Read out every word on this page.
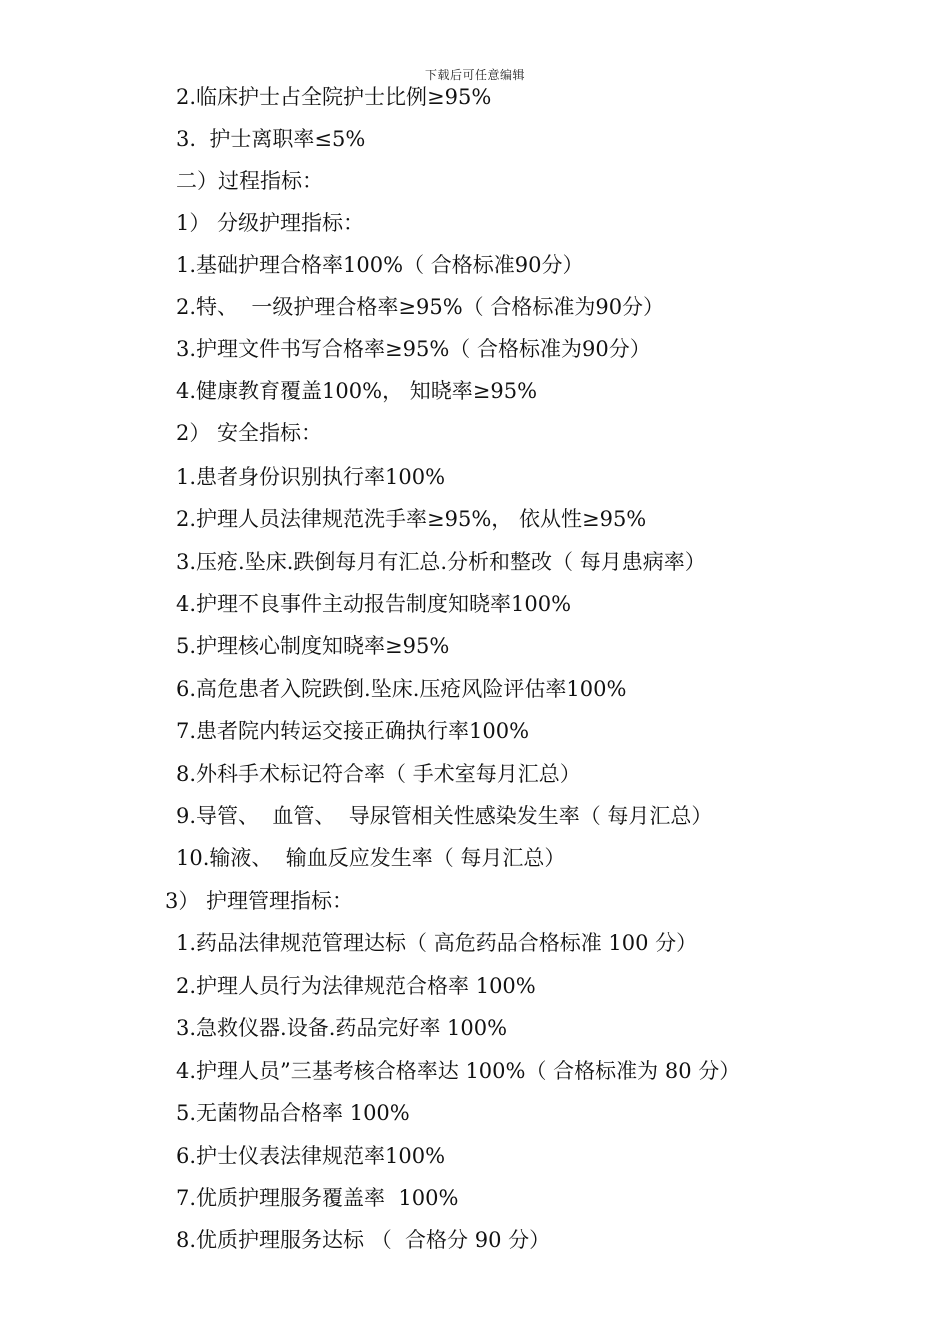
下载后可任意编辑
2.临床护士占全院护士比例≥95%
3.  护士离职率≤5%
二）过程指标：
1） 分级护理指标：
1.基础护理合格率100%（ 合格标准90分）
2.特、  一级护理合格率≥95%（ 合格标准为90分）
3.护理文件书写合格率≥95%（ 合格标准为90分）
4.健康教育覆盖100%， 知晓率≥95%
2） 安全指标：
1.患者身份识别执行率100%
2.护理人员法律规范洗手率≥95%， 依从性≥95%
3.压疮.坠床.跌倒每月有汇总.分析和整改（ 每月患病率）
4.护理不良事件主动报告制度知晓率100%
5.护理核心制度知晓率≥95%
6.高危患者入院跌倒.坠床.压疮风险评估率100%
7.患者院内转运交接正确执行率100%
8.外科手术标记符合率（ 手术室每月汇总）
9.导管、  血管、  导尿管相关性感染发生率（ 每月汇总）
10.输液、  输血反应发生率（ 每月汇总）
3） 护理管理指标：
1.药品法律规范管理达标（ 高危药品合格标准 100 分）
2.护理人员行为法律规范合格率 100%
3.急救仪器.设备.药品完好率 100%
4.护理人员”三基考核合格率达 100%（ 合格标准为 80 分）
5.无菌物品合格率 100%
6.护士仪表法律规范率100%
7.优质护理服务覆盖率  100%
8.优质护理服务达标 （  合格分 90 分）
